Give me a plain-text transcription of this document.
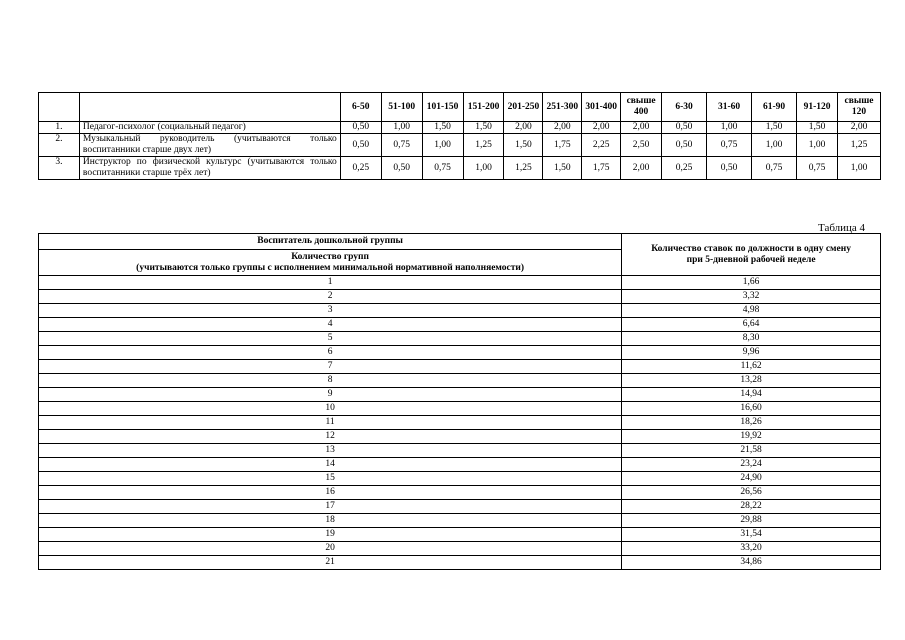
		6-50	51-100	101-150	151-200	201-250	251-300	301-400	свыше 400	6-30	31-60	61-90	91-120	свыше 120
1.	Педагог-психолог (социальный педагог)	0,50	1,00	1,50	1,50	2,00	2,00	2,00	2,00	0,50	1,00	1,50	1,50	2,00
2.	Музыкальный руководитель (учитываются только воспитанники старше двух лет)	0,50	0,75	1,00	1,25	1,50	1,75	2,25	2,50	0,50	0,75	1,00	1,00	1,25
3.	Инструктор по физической культурс (учитываются только воспитанники старше трёх лет)	0,25	0,50	0,75	1,00	1,25	1,50	1,75	2,00	0,25	0,50	0,75	0,75	1,00
Таблица 4
Воспитатель дошкольной группы
Количество групп
(учитываются только группы с исполнением минимальной нормативной наполняемости)	Количество ставок по должности в одну смену при 5-дневной рабочей неделе
1	1,66
2	3,32
3	4,98
4	6,64
5	8,30
6	9,96
7	11,62
8	13,28
9	14,94
10	16,60
11	18,26
12	19,92
13	21,58
14	23,24
15	24,90
16	26,56
17	28,22
18	29,88
19	31,54
20	33,20
21	34,86
